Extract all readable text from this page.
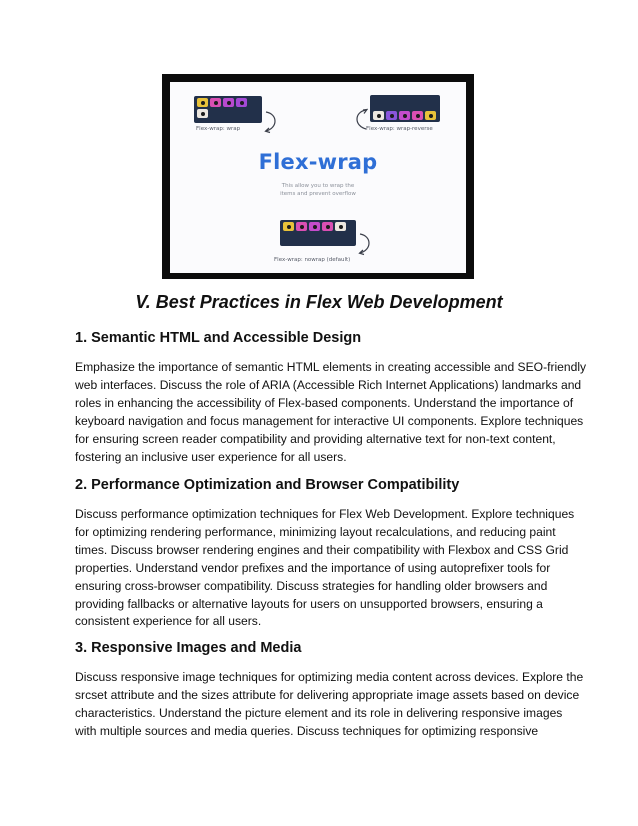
Flex-wrap: wrap	Flex-wrap: wrap-reverse
Flex-wrap
This allow you to wrap the
items and prevent overflow
Flex-wrap: nowrap (default)
V. Best Practices in Flex Web Development
1. Semantic HTML and Accessible Design

Emphasize the importance of semantic HTML elements in creating accessible and SEO-friendly
web interfaces. Discuss the role of ARIA (Accessible Rich Internet Applications) landmarks and
roles in enhancing the accessibility of Flex-based components. Understand the importance of
keyboard navigation and focus management for interactive UI components. Explore techniques
for ensuring screen reader compatibility and providing alternative text for non-text content,
fostering an inclusive user experience for all users.

2. Performance Optimization and Browser Compatibility

Discuss performance optimization techniques for Flex Web Development. Explore techniques
for optimizing rendering performance, minimizing layout recalculations, and reducing paint
times. Discuss browser rendering engines and their compatibility with Flexbox and CSS Grid
properties. Understand vendor prefixes and the importance of using autoprefixer tools for
ensuring cross-browser compatibility. Discuss strategies for handling older browsers and
providing fallbacks or alternative layouts for users on unsupported browsers, ensuring a
consistent experience for all users.

3. Responsive Images and Media

Discuss responsive image techniques for optimizing media content across devices. Explore the
srcset attribute and the sizes attribute for delivering appropriate image assets based on device
characteristics. Understand the picture element and its role in delivering responsive images
with multiple sources and media queries. Discuss techniques for optimizing responsive
